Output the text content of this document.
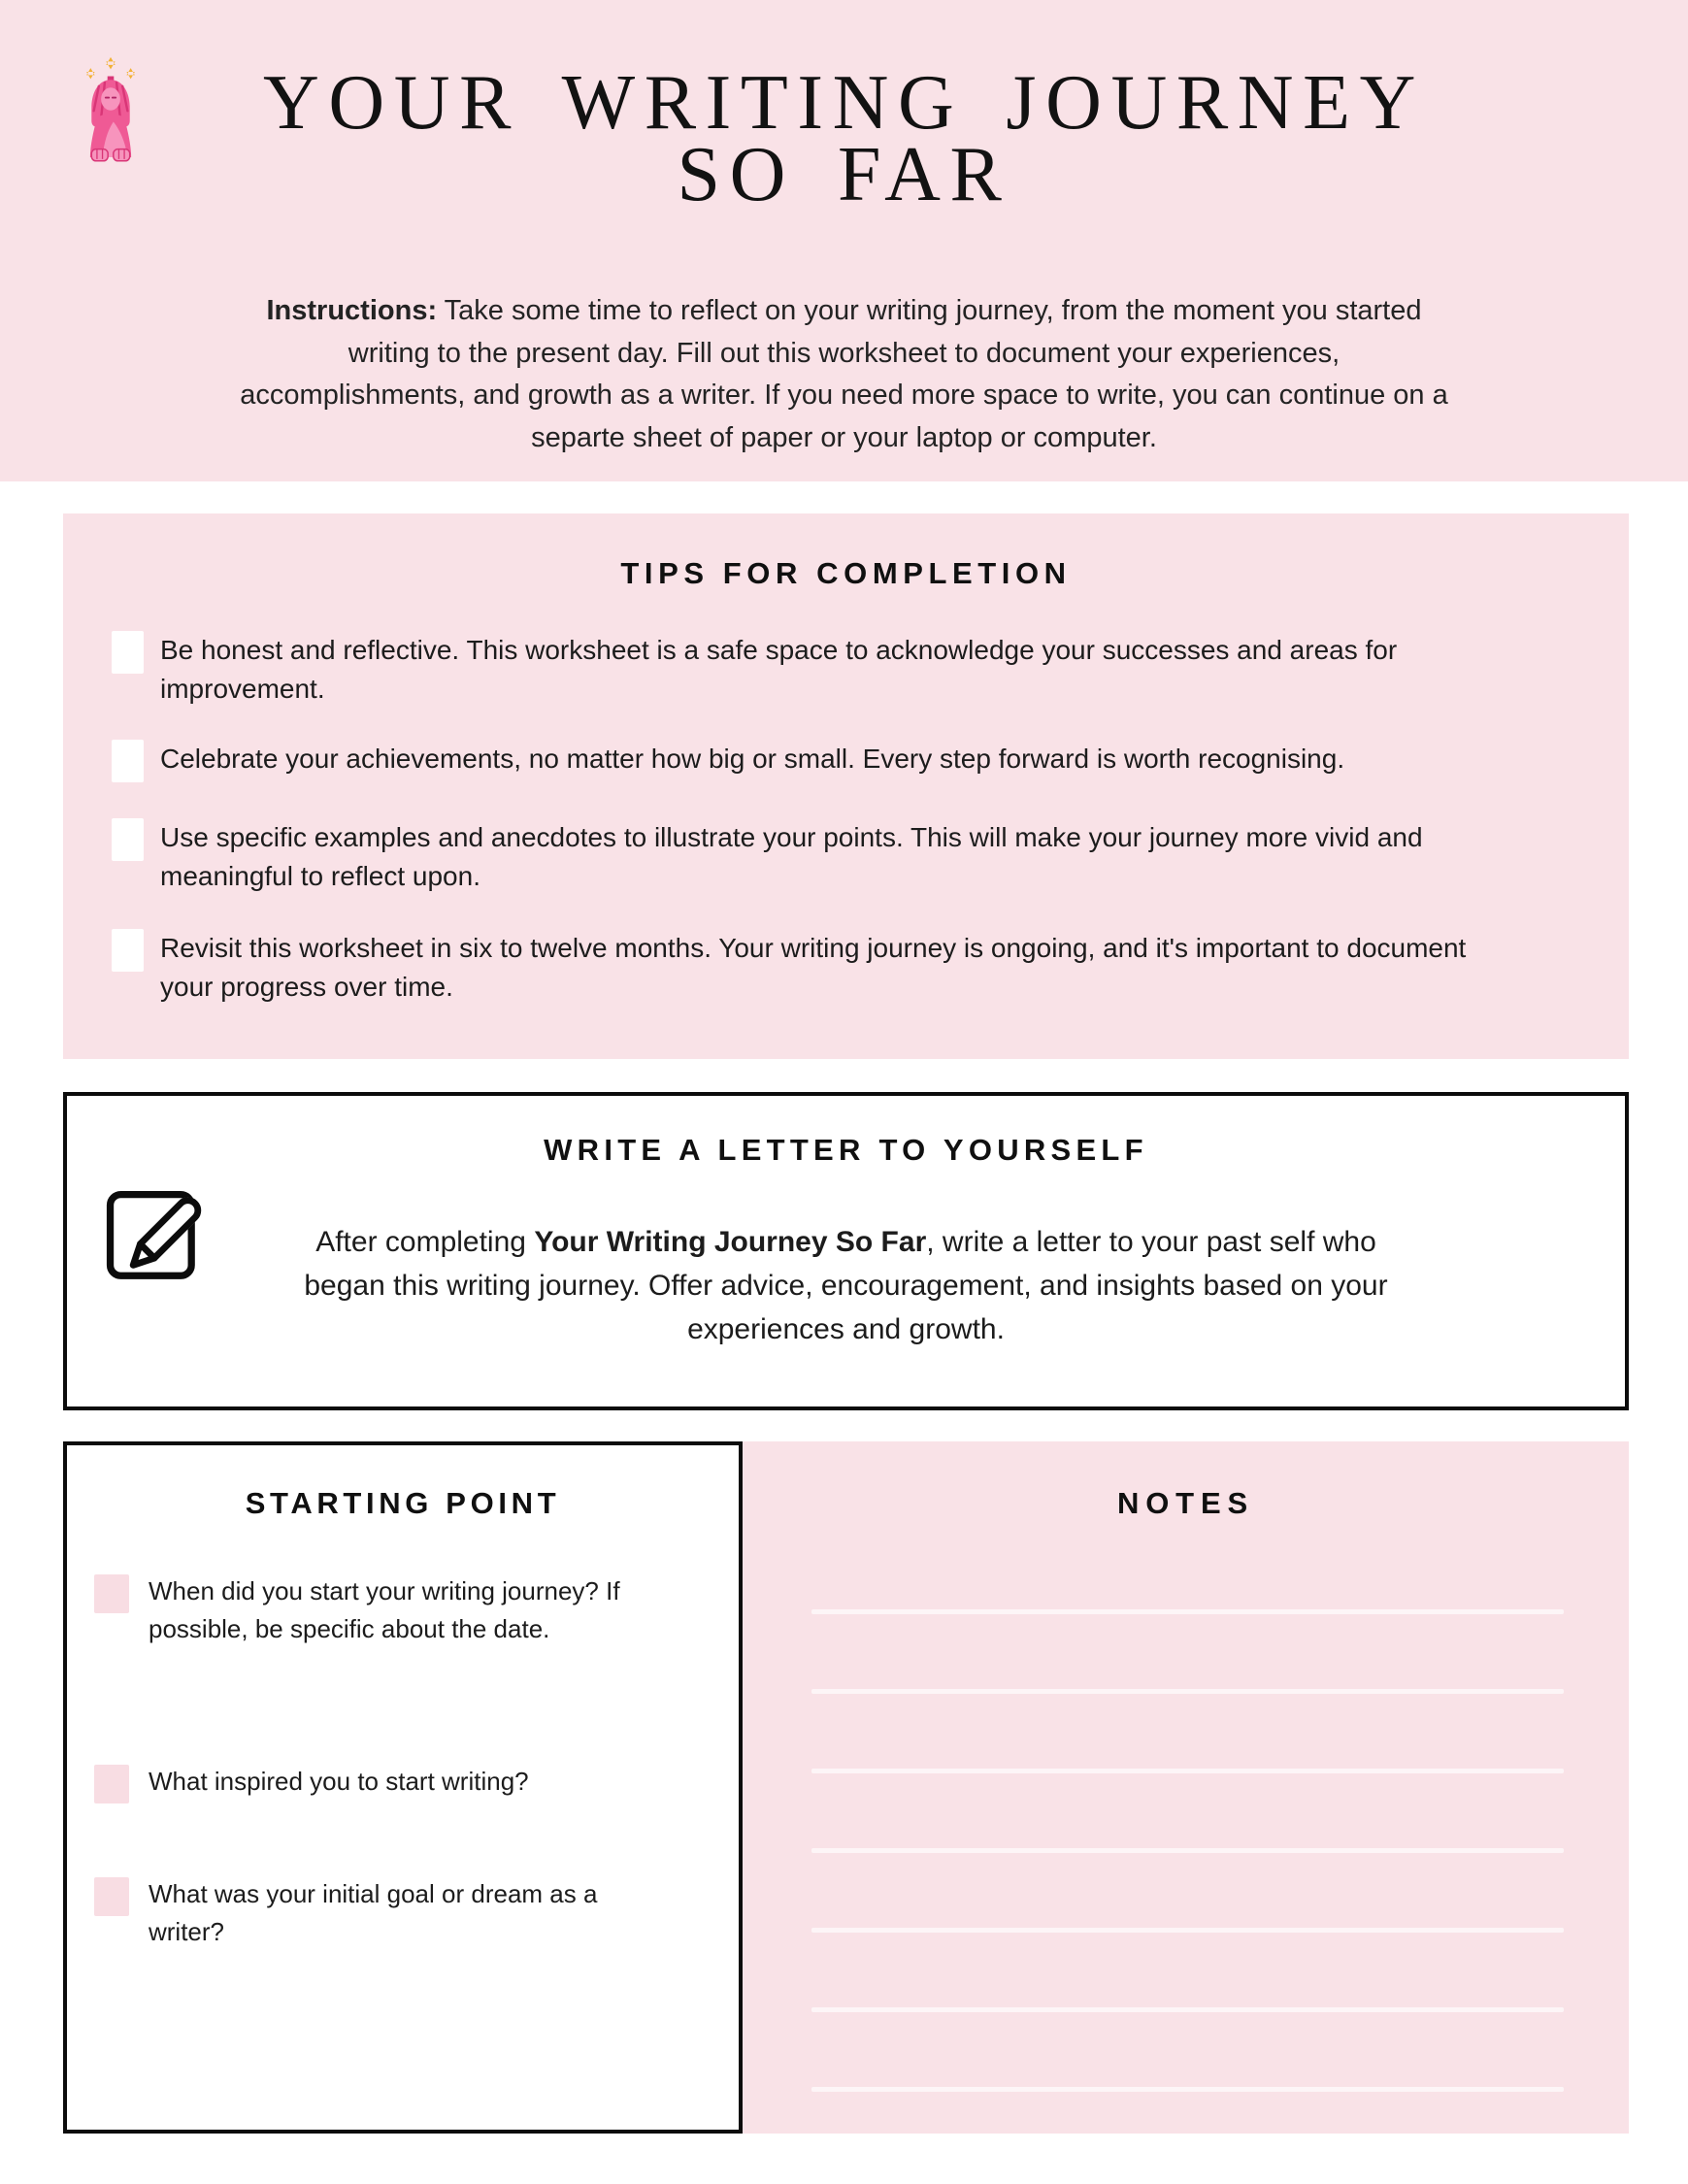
YOUR WRITING JOURNEY
SO FAR

Instructions: Take some time to reflect on your writing journey, from the moment you started writing to the present day. Fill out this worksheet to document your experiences, accomplishments, and growth as a writer. If you need more space to write, you can continue on a separte sheet of paper or your laptop or computer.

TIPS FOR COMPLETION
Be honest and reflective. This worksheet is a safe space to acknowledge your successes and areas for improvement.
Celebrate your achievements, no matter how big or small. Every step forward is worth recognising.
Use specific examples and anecdotes to illustrate your points. This will make your journey more vivid and meaningful to reflect upon.
Revisit this worksheet in six to twelve months. Your writing journey is ongoing, and it's important to document your progress over time.
WRITE A LETTER TO YOURSELF

After completing Your Writing Journey So Far, write a letter to your past self who began this writing journey. Offer advice, encouragement, and insights based on your experiences and growth.

STARTING POINT
When did you start your writing journey? If possible, be specific about the date.
What inspired you to start writing?
What was your initial goal or dream as a writer?
NOTES
